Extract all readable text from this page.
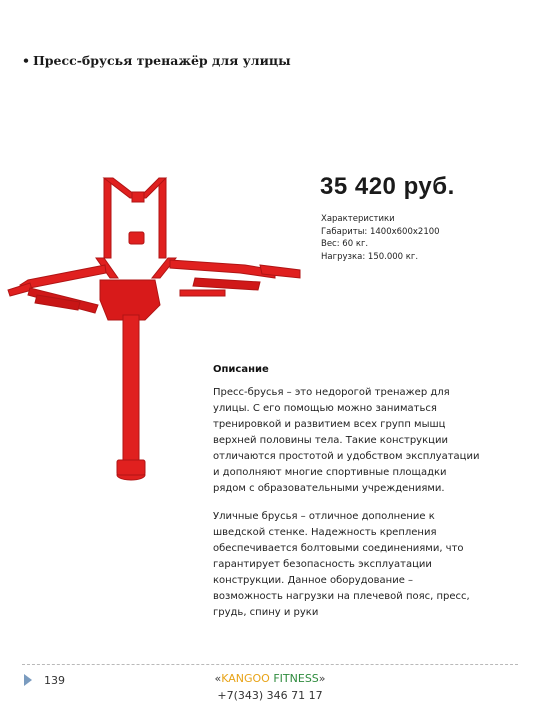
• Пресс-брусья тренажёр для улицы
35 420 руб.
Характеристики
Габариты: 1400х600х2100
Вес: 60 кг.
Нагрузка: 150.000 кг.
Описание
Пресс-брусья – это недорогой тренажер для
улицы. С его помощью можно заниматься
тренировкой и развитием всех групп мышц
верхней половины тела. Такие конструкции
отличаются простотой и удобством эксплуатации
и дополняют многие спортивные площадки
рядом с образовательными учреждениями.
Уличные брусья – отличное дополнение к
шведской стенке. Надежность крепления
обеспечивается болтовыми соединениями, что
гарантирует безопасность эксплуатации
конструкции. Данное оборудование –
возможность нагрузки на плечевой пояс, пресс,
грудь, спину и руки
139	«KANGOO FITNESS»
+7(343) 346 71 17
